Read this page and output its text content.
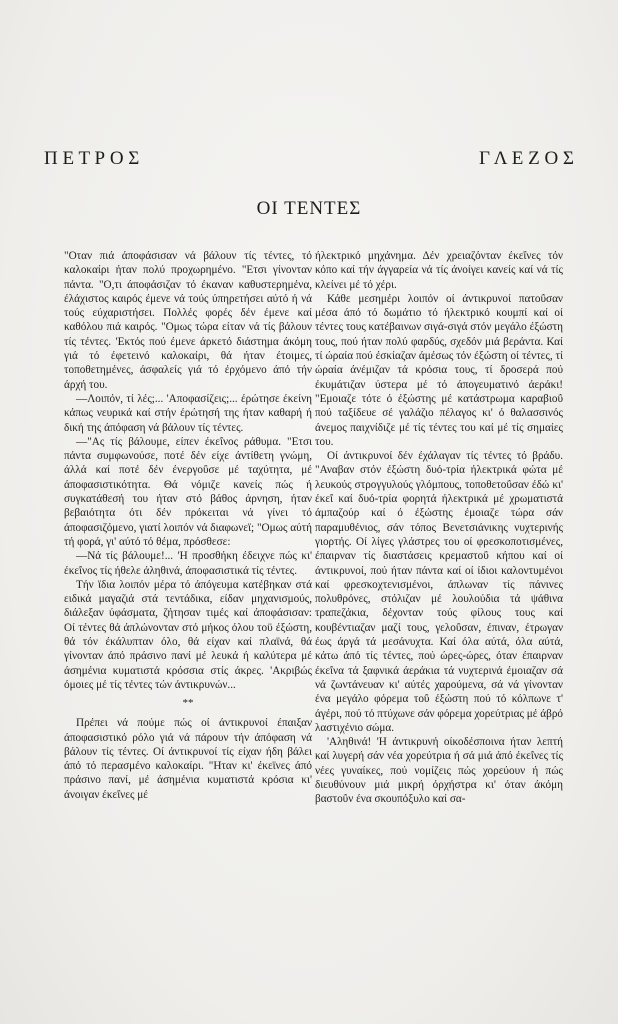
Π Ε Τ Ρ Ο Σ	Γ Λ Ε Ζ Ο Σ
ΟΙ ΤΕΝΤΕΣ

"Οταν πιά άποφάσισαν νά βάλουν τίς τέντες, τό καλοκαίρι ήταν πολύ προχωρημένο. "Ετσι γίνονταν πάντα. "Ο,τι άποφάσιζαν τό έκαναν καθυστερημένα, έλάχιστος καιρός έμενε νά τούς ύπηρετήσει αύτό ή νά τούς εύχαριστήσει. Πολλές φορές δέν έμενε καί καθόλου πιά καιρός. "Ομως τώρα είταν νά τίς βάλουν τίς τέντες. 'Εκτός πού έμενε άρκετό διάστημα άκόμη γιά τό έφετεινό καλοκαίρι, θά ήταν έτοιμες, τοποθετημένες, άσφαλείς γιά τό έρχόμενο άπό τήν άρχή του.

—Λοιπόν, τί λές;... 'Αποφασίζεις;... έρώτησε έκείνη κάπως νευρικά καί στήν έρώτησή της ήταν καθαρή ή δική της άπόφαση νά βάλουν τίς τέντες.

—"Ας τίς βάλουμε, είπεν έκεΐνος ράθυμα. "Ετσι πάντα συμφωνούσε, ποτέ δέν είχε άντίθετη γνώμη, άλλά καί ποτέ δέν ένεργοΰσε μέ ταχύτητα, μέ άποφασιστικότητα. Θά νόμιζε κανείς πώς ή συγκατάθεσή του ήταν στό βάθος άρνηση, ήταν βεβαιότητα ότι δέν πρόκειται νά γίνει τό άποφασιζόμενο, γιατί λοιπόν νά διαφωνεϊ; "Ομως αύτή τή φορά, γι' αύτό τό θέμα, πρόσθεσε:

—Νά τίς βάλουμε!... 'Η προσθήκη έδειχνε πώς κι' έκεΐνος τίς ήθελε άληθινά, άποφασιστικά τίς τέντες.

Τήν ϊδια λοιπόν μέρα τό άπόγευμα κατέβηκαν στά ειδικά μαγαζιά στά τεντάδικα, είδαν μηχανισμούς, διάλεξαν ύφάσματα, ζήτησαν τιμές καί άποφάσισαν: Οί τέντες θά άπλώνονταν στό μήκος όλου τοϋ έξώστη, θά τόν έκάλυπταν όλο, θά είχαν καί πλαϊνά, θά γίνονταν άπό πράσινο πανί μέ λευκά ή καλύτερα μέ άσημένια κυματιστά κρόσσια στίς άκρες. 'Ακριβώς όμοιες μέ τίς τέντες τών άντικρυνών...

**

Πρέπει νά πούμε πώς οί άντικρυνοί έπαιξαν άποφασιστικό ρόλο γιά νά πάρουν τήν άπόφαση νά βάλουν τίς τέντες. Οί άντικρυνοί τίς είχαν ήδη βάλει άπό τό περασμένο καλοκαίρι. "Ηταν κι' έκεϊνες άπό πράσινο πανί, μέ άσημένια κυματιστά κρόσια κι' άνοιγαν έκεΐνες μέ

ήλεκτρικό μηχάνημα. Δέν χρειαζόνταν έκεΐνες τόν κόπο καί τήν άγγαρεία νά τίς άνοίγει κανείς καί νά τίς κλείνει μέ τό χέρι.

Κάθε μεσημέρι λοιπόν οί άντικρυνοί πατοΰσαν μέσα άπό τό δωμάτιο τό ήλεκτρικό κουμπί καί οί τέντες τους κατέβαινων σιγά-σιγά στόν μεγάλο έξώστη τους, πού ήταν πολύ φαρδύς, σχεδόν μιά βεράντα. Καί τί ώραία πού έσκίαζαν άμέσως τόν έξώστη οί τέντες, τί ώραία άνέμιζαν τά κρόσια τους, τί δροσερά πού έκυμάτιζαν ύστερα μέ τό άπογευματινό άεράκι! "Εμοιαζε τότε ό έξώστης μέ κατάστρωμα καραβιοΰ πού ταξίδευε σέ γαλάζιο πέλαγος κι' ό θαλασσινός άνεμος παιχνίδιζε μέ τίς τέντες του καί μέ τίς σημαίες του.

Οί άντικρυνοί δέν έχάλαγαν τίς τέντες τό βράδυ. "Αναβαν στόν έξώστη δυό-τρία ήλεκτρικά φώτα μέ λευκούς στρογγυλούς γλόμπους, τοποθετοΰσαν έδώ κι' έκεΐ καί δυό-τρία φορητά ήλεκτρικά μέ χρωματιστά άμπαζούρ καί ό έξώστης έμοιαζε τώρα σάν παραμυθένιος, σάν τόπος Βενετσιάνικης νυχτερινής γιορτής. Οί λίγες γλάστρες του οί φρεσκοποτισμένες, έπαιρναν τίς διαστάσεις κρεμαστοΰ κήπου καί οί άντικρυνοί, πού ήταν πάντα καί οί ίδιοι καλοντυμένοι καί φρεσκοχτενισμένοι, άπλωναν τίς πάνινες πολυθρόνες, στόλιζαν μέ λουλούδια τά ψάθινα τραπεζάκια, δέχονταν τούς φίλους τους καί κουβέντιαζαν μαζί τους, γελοΰσαν, έπιναν, έτρωγαν έως άργά τά μεσάνυχτα. Καί όλα αύτά, όλα αύτά, κάτω άπό τίς τέντες, πού ώρες-ώρες, όταν έπαιρναν έκεΐνα τά ξαφνικά άεράκια τά νυχτερινά έμοιαζαν σά νά ζωντάνευαν κι' αύτές χαρούμενα, σά νά γίνονταν ένα μεγάλο φόρεμα τοΰ έξώστη πού τό κόλπωνε τ' άγέρι, πού τό πτύχωνε σάν φόρεμα χορεύτριας μέ άβρό λαστιχένιο σώμα.

'Αληθινά! 'Η άντικρυνή οίκοδέσποινα ήταν λεπτή καί λυγερή σάν νέα χορεύτρια ή σά μιά άπό έκεΐνες τίς νέες γυναίκες, πού νομίζεις πώς χορεύουν ή πώς διευθύνουν μιά μικρή όρχήστρα κι' όταν άκόμη βαστοΰν ένα σκουπόξυλο καί σα-
